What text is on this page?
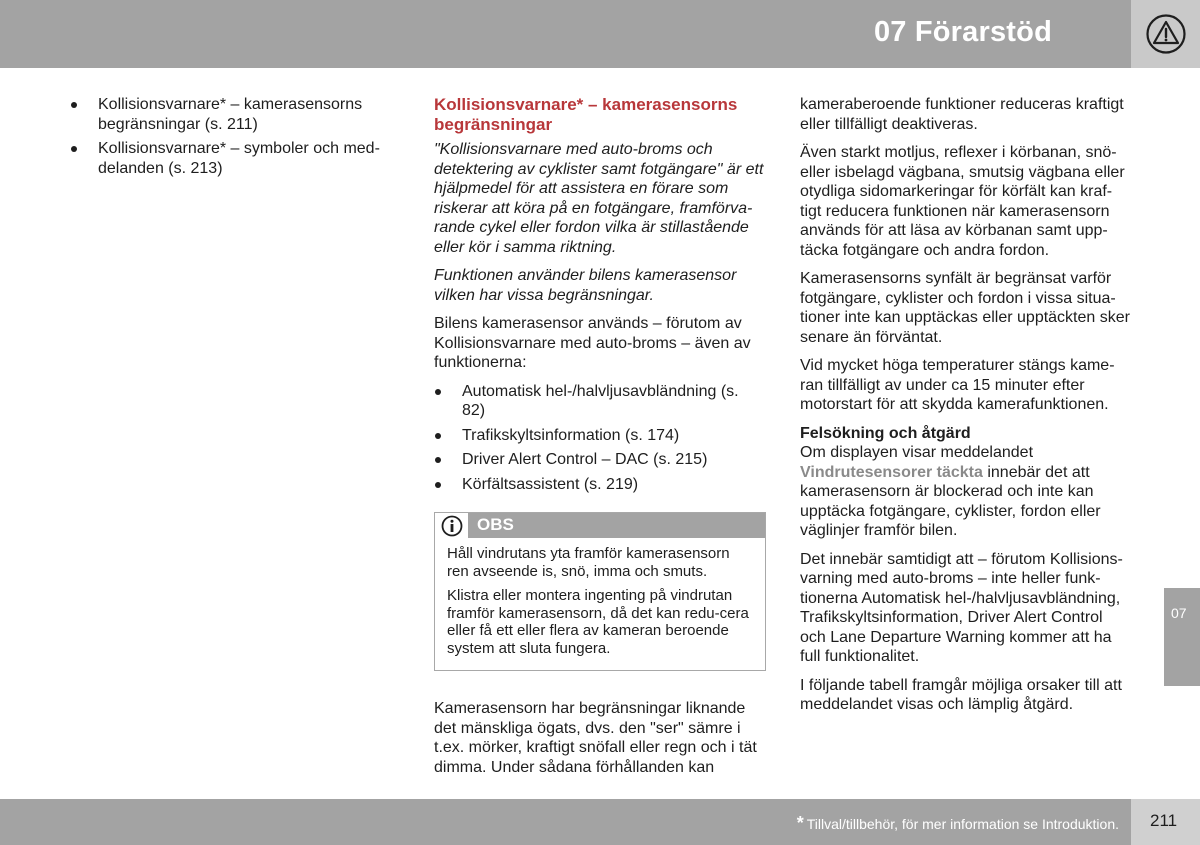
07 Förarstöd
Kollisionsvarnare* – kamerasensorns begränsningar (s. 211)
Kollisionsvarnare* – symboler och med-delanden (s. 213)
Kollisionsvarnare* – kamerasensorns begränsningar

"Kollisionsvarnare med auto-broms och detektering av cyklister samt fotgängare" är ett hjälpmedel för att assistera en förare som riskerar att köra på en fotgängare, framförva-rande cykel eller fordon vilka är stillastående eller kör i samma riktning.

Funktionen använder bilens kamerasensor vilken har vissa begränsningar.

Bilens kamerasensor används – förutom av Kollisionsvarnare med auto-broms – även av funktionerna:

Automatisk hel-/halvljusavbländning (s. 82)
Trafikskyltsinformation (s. 174)
Driver Alert Control – DAC (s. 215)
Körfältsassistent (s. 219)
OBS

Håll vindrutans yta framför kamerasensorn ren avseende is, snö, imma och smuts.

Klistra eller montera ingenting på vindrutan framför kamerasensorn, då det kan redu-cera eller få ett eller flera av kameran beroende system att sluta fungera.

Kamerasensorn har begränsningar liknande det mänskliga ögats, dvs. den "ser" sämre i t.ex. mörker, kraftigt snöfall eller regn och i tät dimma. Under sådana förhållanden kan

kameraberoende funktioner reduceras kraftigt eller tillfälligt deaktiveras.

Även starkt motljus, reflexer i körbanan, snö-eller isbelagd vägbana, smutsig vägbana eller otydliga sidomarkeringar för körfält kan kraf-tigt reducera funktionen när kamerasensorn används för att läsa av körbanan samt upp-täcka fotgängare och andra fordon.

Kamerasensorns synfält är begränsat varför fotgängare, cyklister och fordon i vissa situa-tioner inte kan upptäckas eller upptäckten sker senare än förväntat.

Vid mycket höga temperaturer stängs kame-ran tillfälligt av under ca 15 minuter efter motorstart för att skydda kamerafunktionen.

Felsökning och åtgärd

Om displayen visar meddelandet
Vindrutesensorer täckta innebär det att kamerasensorn är blockerad och inte kan upptäcka fotgängare, cyklister, fordon eller väglinjer framför bilen.

Det innebär samtidigt att – förutom Kollisions-varning med auto-broms – inte heller funk-tionerna Automatisk hel-/halvljusavbländning, Trafikskyltsinformation, Driver Alert Control och Lane Departure Warning kommer att ha full funktionalitet.

I följande tabell framgår möjliga orsaker till att meddelandet visas och lämplig åtgärd.

07
* Tillval/tillbehör, för mer information se Introduktion. 211
